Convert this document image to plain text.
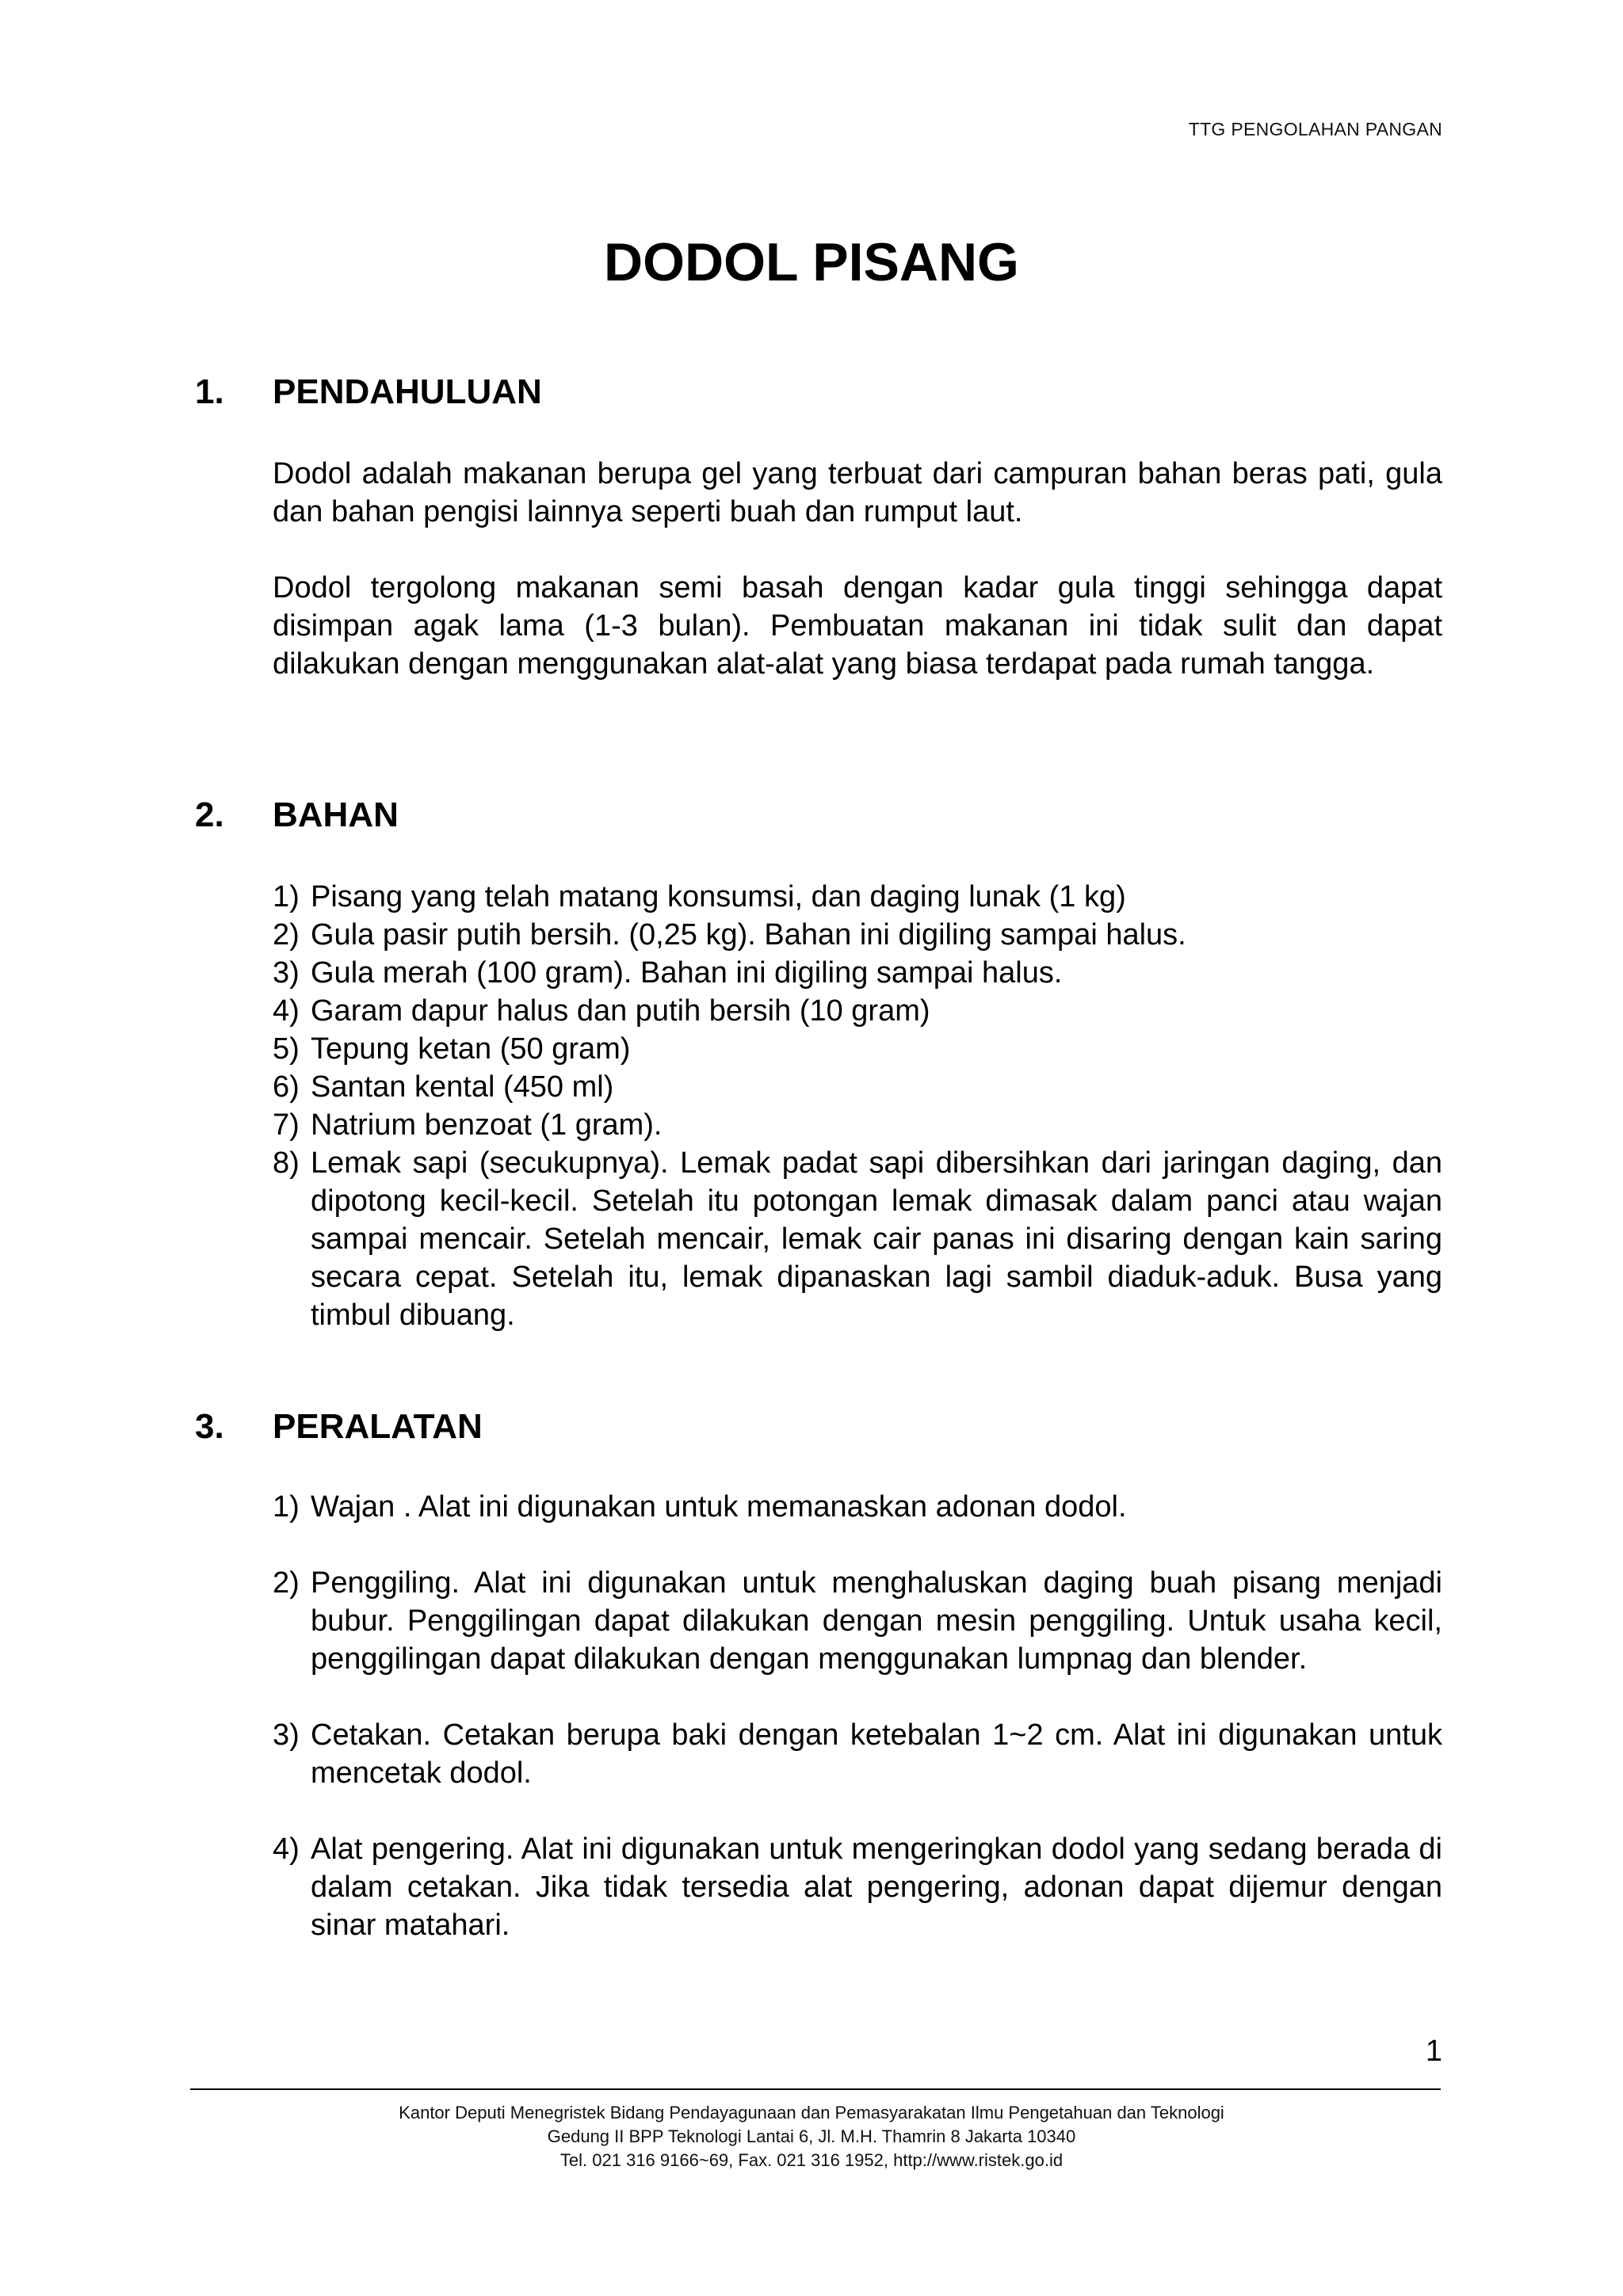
TTG PENGOLAHAN PANGAN
DODOL PISANG
1. PENDAHULUAN

Dodol adalah makanan berupa gel yang terbuat dari campuran bahan beras pati, gula dan bahan pengisi lainnya seperti buah dan rumput laut.

Dodol tergolong makanan semi basah dengan kadar gula tinggi sehingga dapat disimpan agak lama (1-3 bulan). Pembuatan makanan ini tidak sulit dan dapat dilakukan dengan menggunakan alat-alat yang biasa terdapat pada rumah tangga.

2. BAHAN
1) Pisang yang telah matang konsumsi, dan daging lunak (1 kg)
2) Gula pasir putih bersih. (0,25 kg). Bahan ini digiling sampai halus.
3) Gula merah (100 gram). Bahan ini digiling sampai halus.
4) Garam dapur halus dan putih bersih (10 gram)
5) Tepung ketan (50 gram)
6) Santan kental (450 ml)
7) Natrium benzoat (1 gram).
8) Lemak sapi (secukupnya). Lemak padat sapi dibersihkan dari jaringan daging, dan dipotong kecil-kecil. Setelah itu potongan lemak dimasak dalam panci atau wajan sampai mencair. Setelah mencair, lemak cair panas ini disaring dengan kain saring secara cepat. Setelah itu, lemak dipanaskan lagi sambil diaduk-aduk. Busa yang timbul dibuang.
3. PERALATAN
1) Wajan . Alat ini digunakan untuk memanaskan adonan dodol.
2) Penggiling. Alat ini digunakan untuk menghaluskan daging buah pisang menjadi bubur. Penggilingan dapat dilakukan dengan mesin penggiling. Untuk usaha kecil, penggilingan dapat dilakukan dengan menggunakan lumpnag dan blender.
3) Cetakan. Cetakan berupa baki dengan ketebalan 1~2 cm. Alat ini digunakan untuk mencetak dodol.
4) Alat pengering. Alat ini digunakan untuk mengeringkan dodol yang sedang berada di dalam cetakan. Jika tidak tersedia alat pengering, adonan dapat dijemur dengan sinar matahari.
1
Kantor Deputi Menegristek Bidang Pendayagunaan dan Pemasyarakatan Ilmu Pengetahuan dan Teknologi
Gedung II BPP Teknologi Lantai 6, Jl. M.H. Thamrin 8 Jakarta 10340
Tel. 021 316 9166~69, Fax. 021 316 1952, http://www.ristek.go.id
